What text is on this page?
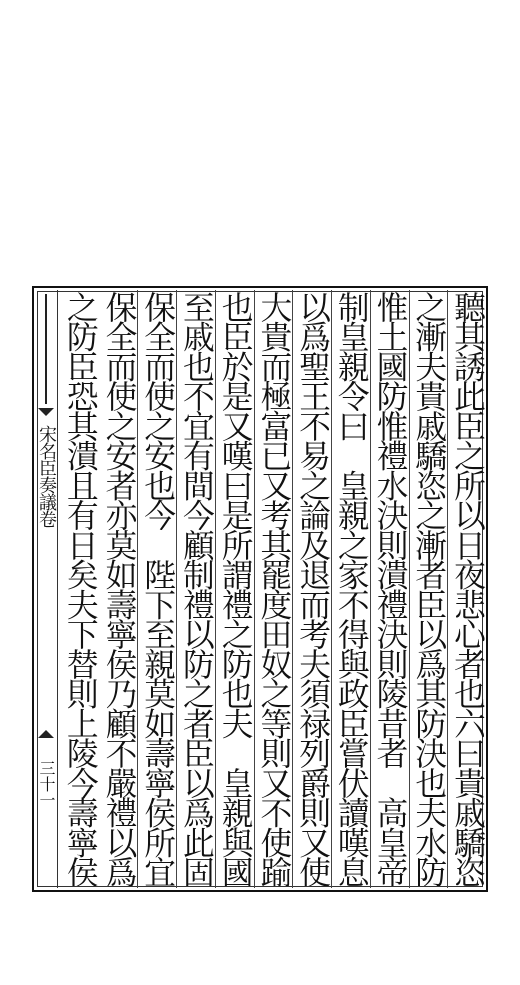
宋名臣奏議卷
三十一	聽其誘此臣之所以日夜悲心者也六曰貴戚驕恣
之漸夫貴戚驕恣之漸者臣以爲其防決也夫水防
惟土國防惟禮水決則潰禮決則陵昔者　高皇帝
制皇親令曰　皇親之家不得與政臣嘗伏讀嘆息
以爲聖王不易之論及退而考夫須禄列爵則又使
大貴而極富已又考其罷度田奴之等則又不使踰
也臣於是又嘆曰是所謂禮之防也夫　皇親與國
至戚也不宜有間今顧制禮以防之者臣以爲此固
保全而使之安也今　陛下至親莫如壽寧侯所宜
保全而使之安者亦莫如壽寧侯乃顧不嚴禮以爲
之防臣恐其潰且有日矣夫下替則上陵今壽寧侯
